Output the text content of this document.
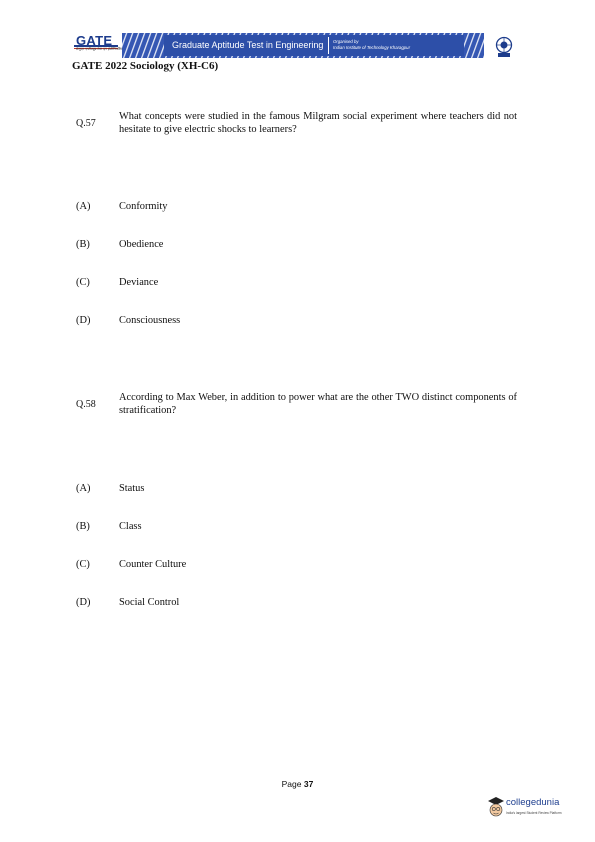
GATE
ग्रेजुएट एप्टीट्यूड टेस्ट इन इंजीनियरिंग	Graduate Aptitude Test in Engineering Organised by
Indian Institute of Technology Kharagpur
GATE 2022 Sociology (XH-C6)
Q.57
What concepts were studied in the famous Milgram social experiment where teachers did not hesitate to give electric shocks to learners?
(A)	Conformity
(B)	Obedience
(C)	Deviance
(D)	Consciousness
Q.58
According to Max Weber, in addition to power what are the other TWO distinct components of stratification?
(A)	Status
(B)	Class
(C)	Counter Culture
(D)	Social Control
Page 37
collegedunia
India's largest Student Review Platform
